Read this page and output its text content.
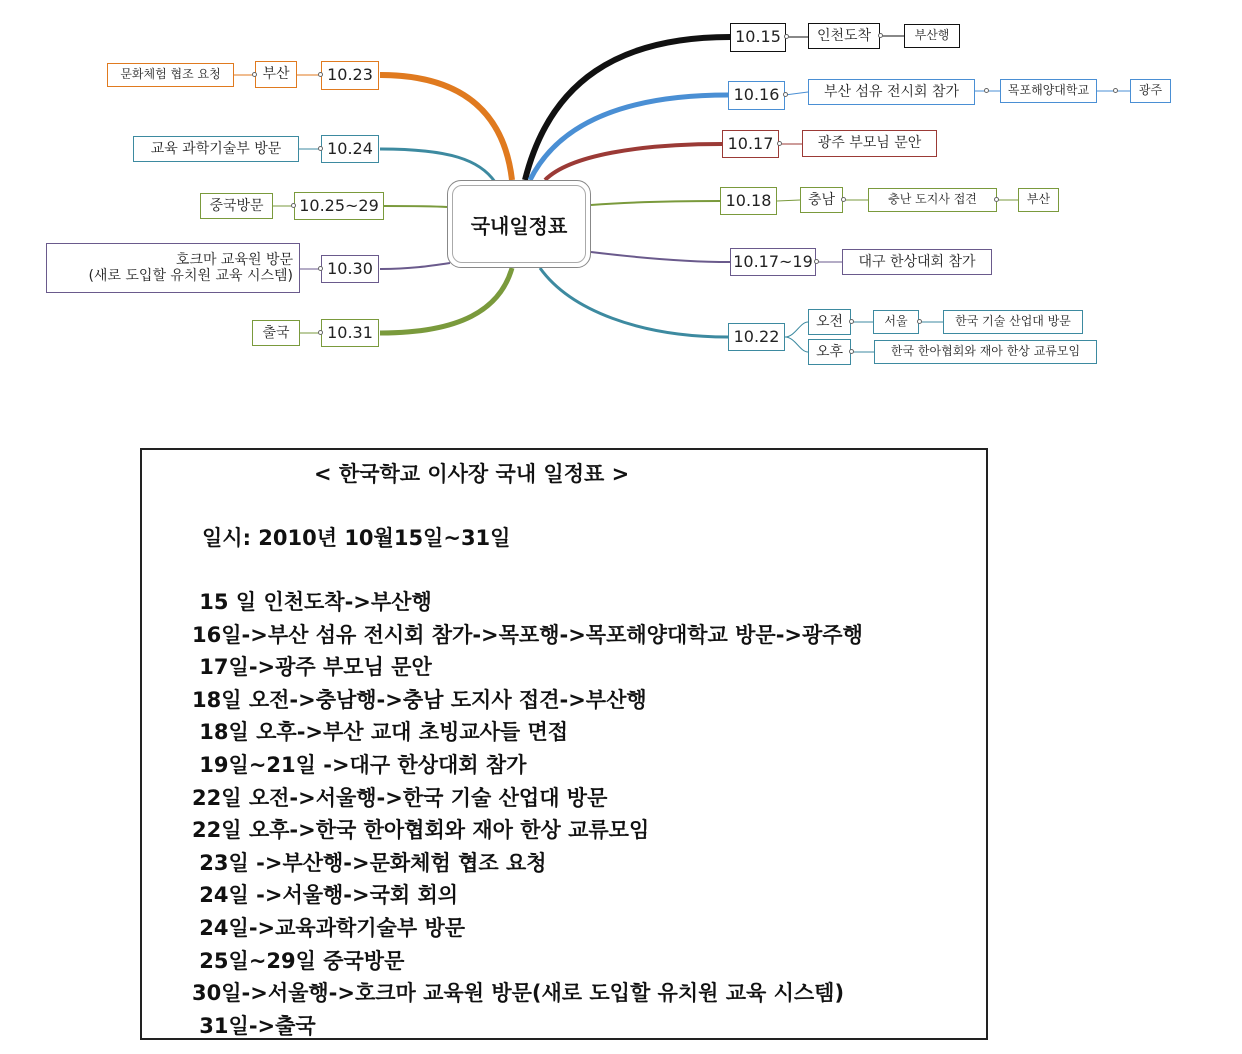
국내일정표
10.23
부산
문화체험 협조 요청
10.24
교육 과학기술부 방문
10.25~29
중국방문
10.30
호크마 교육원 방문
(새로 도입할 유치원 교육 시스템)
10.31
출국
10.15	인천도착	부산행
10.16	부산 섬유 전시회 참가	목포해양대학교	광주
10.17	광주 부모님 문안
10.18	충남	충난 도지사 접견	부산
10.17~19	대구 한상대회 참가
10.22
오전	서울	한국 기술 산업대 방문
오후	한국 한아협회와 재아 한상 교류모임
< 한국학교 이사장 국내 일정표 >
일시: 2010년 10월15일~31일
15 일 인천도착->부산행
16일->부산 섬유 전시회 참가->목포행->목포해양대학교 방문->광주행
17일->광주 부모님 문안
18일 오전->충남행->충남 도지사 접견->부산행
18일 오후->부산 교대 초빙교사들 면접
19일~21일 ->대구 한상대회 참가
22일 오전->서울행->한국 기술 산업대 방문
22일 오후->한국 한아협회와 재아 한상 교류모임
23일 ->부산행->문화체험 협조 요청
24일 ->서울행->국회 회의
24일->교육과학기술부 방문
25일~29일 중국방문
30일->서울행->호크마 교육원 방문(새로 도입할 유치원 교육 시스템)
31일->출국
